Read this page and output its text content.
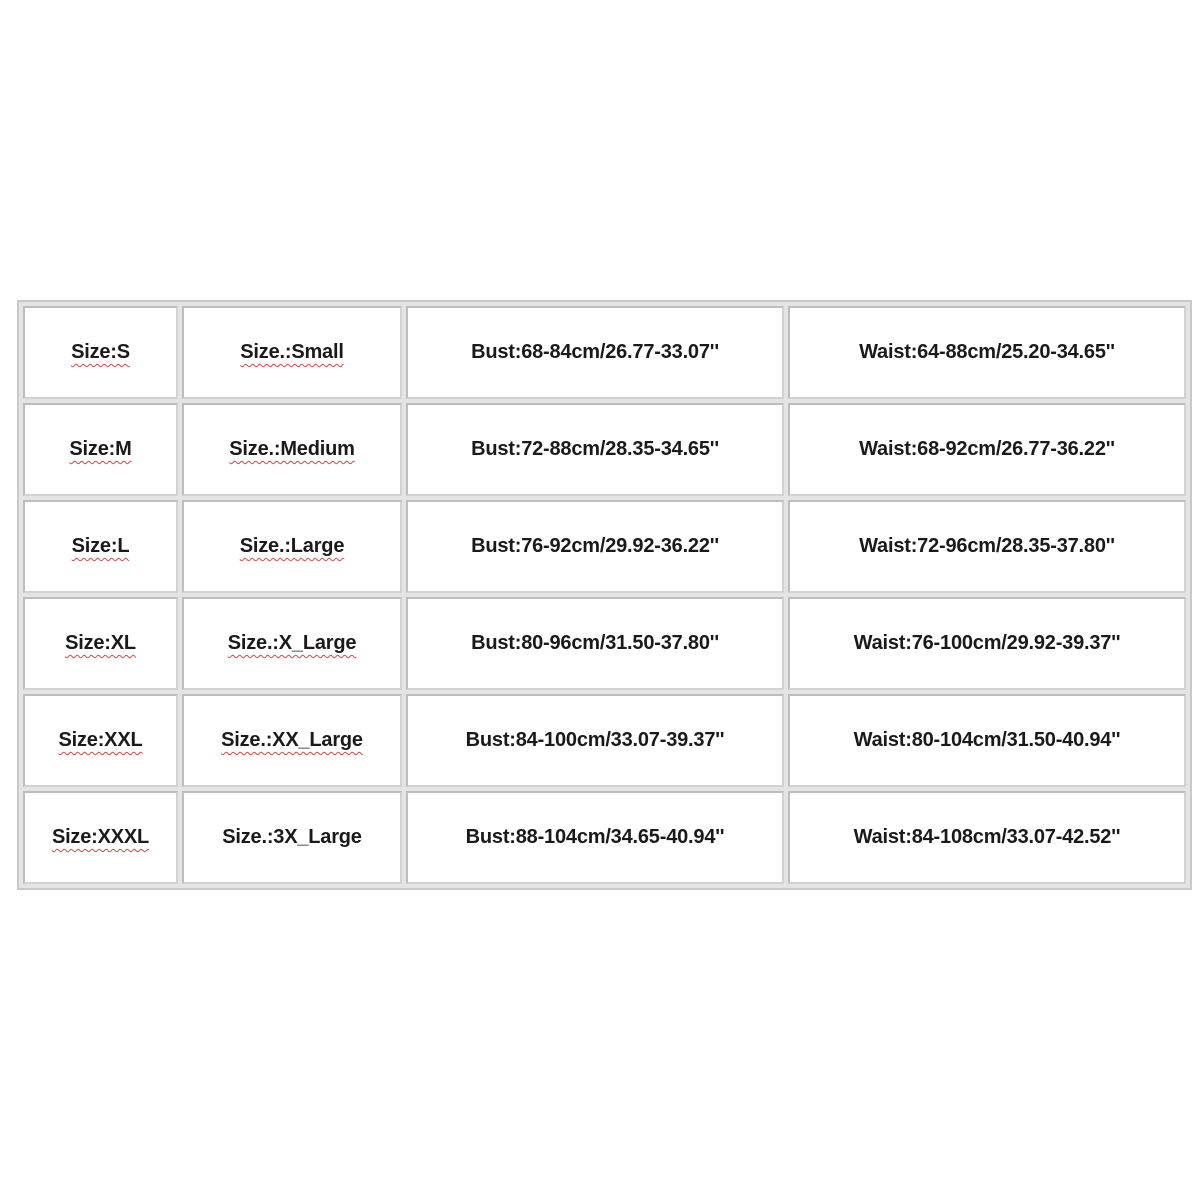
Size:S	Size.:Small	Bust:68-84cm/26.77-33.07''	Waist:64-88cm/25.20-34.65''
Size:M	Size.:Medium	Bust:72-88cm/28.35-34.65''	Waist:68-92cm/26.77-36.22''
Size:L	Size.:Large	Bust:76-92cm/29.92-36.22''	Waist:72-96cm/28.35-37.80''
Size:XL	Size.:X_Large	Bust:80-96cm/31.50-37.80''	Waist:76-100cm/29.92-39.37''
Size:XXL	Size.:XX_Large	Bust:84-100cm/33.07-39.37''	Waist:80-104cm/31.50-40.94''
Size:XXXL	Size.:3X_Large	Bust:88-104cm/34.65-40.94''	Waist:84-108cm/33.07-42.52''
